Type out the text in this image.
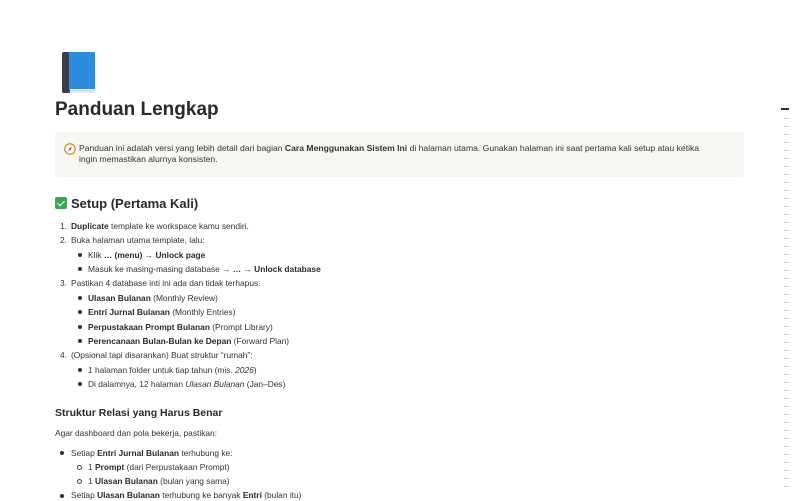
Panduan Lengkap
Panduan ini adalah versi yang lebih detail dari bagian Cara Menggunakan Sistem Ini di halaman utama. Gunakan halaman ini saat pertama kali setup atau ketika ingin memastikan alurnya konsisten.
Setup (Pertama Kali)
1. Duplicate template ke workspace kamu sendiri.
2. Buka halaman utama template, lalu:
Klik … (menu) → Unlock page
Masuk ke masing-masing database → … → Unlock database
3. Pastikan 4 database inti ini ada dan tidak terhapus:
Ulasan Bulanan (Monthly Review)
Entri Jurnal Bulanan (Monthly Entries)
Perpustakaan Prompt Bulanan (Prompt Library)
Perencanaan Bulan-Bulan ke Depan (Forward Plan)
4. (Opsional tapi disarankan) Buat struktur “rumah”:
1 halaman folder untuk tiap tahun (mis. 2026)
Di dalamnya, 12 halaman Ulasan Bulanan (Jan–Des)
Struktur Relasi yang Harus Benar
Agar dashboard dan pola bekerja, pastikan:
Setiap Entri Jurnal Bulanan terhubung ke:
1 Prompt (dari Perpustakaan Prompt)
1 Ulasan Bulanan (bulan yang sama)
Setiap Ulasan Bulanan terhubung ke banyak Entri (bulan itu)
